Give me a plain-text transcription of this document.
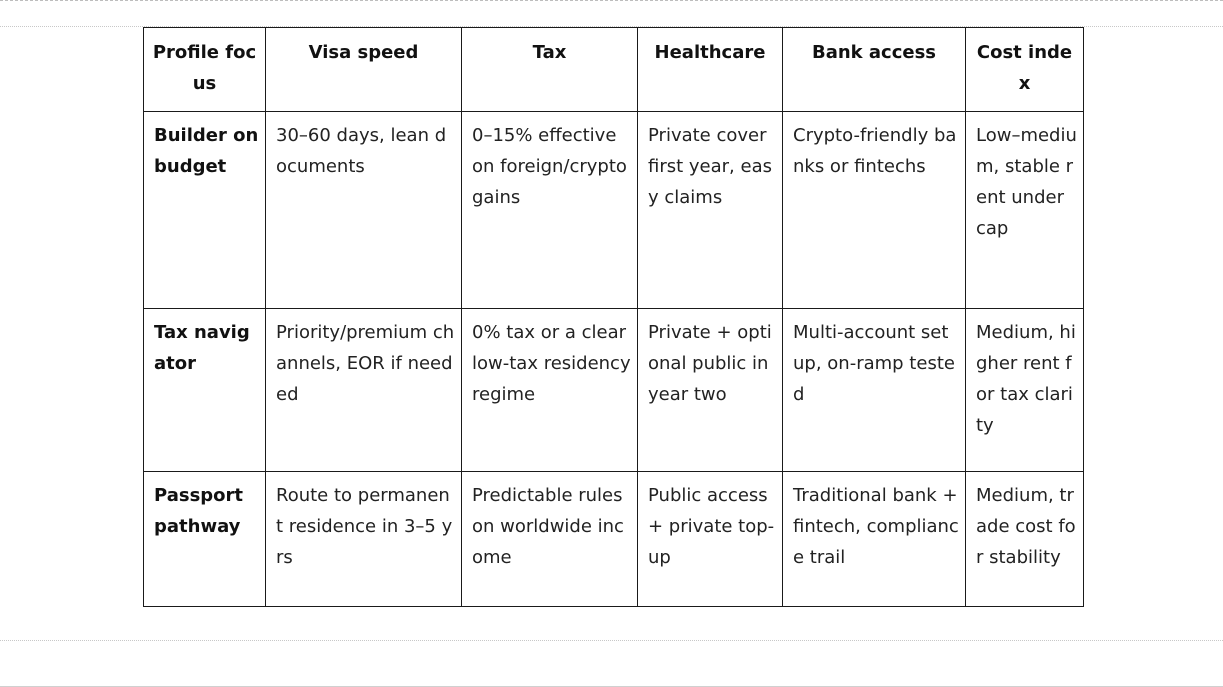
Profile focus	Visa speed	Tax	Healthcare	Bank access	Cost index
Builder on budget	30–60 days, lean documents	0–15% effective on foreign/crypto gains	Private cover first year, easy claims	Crypto-friendly banks or fintechs	Low–medium, stable rent under cap
Tax navigator	Priority/premium channels, EOR if needed	0% tax or a clear low-tax residency regime	Private + optional public in year two	Multi-account setup, on-ramp tested	Medium, higher rent for tax clarity
Passport pathway	Route to permanent residence in 3–5 yrs	Predictable rules on worldwide income	Public access + private top-up	Traditional bank + fintech, compliance trail	Medium, trade cost for stability
